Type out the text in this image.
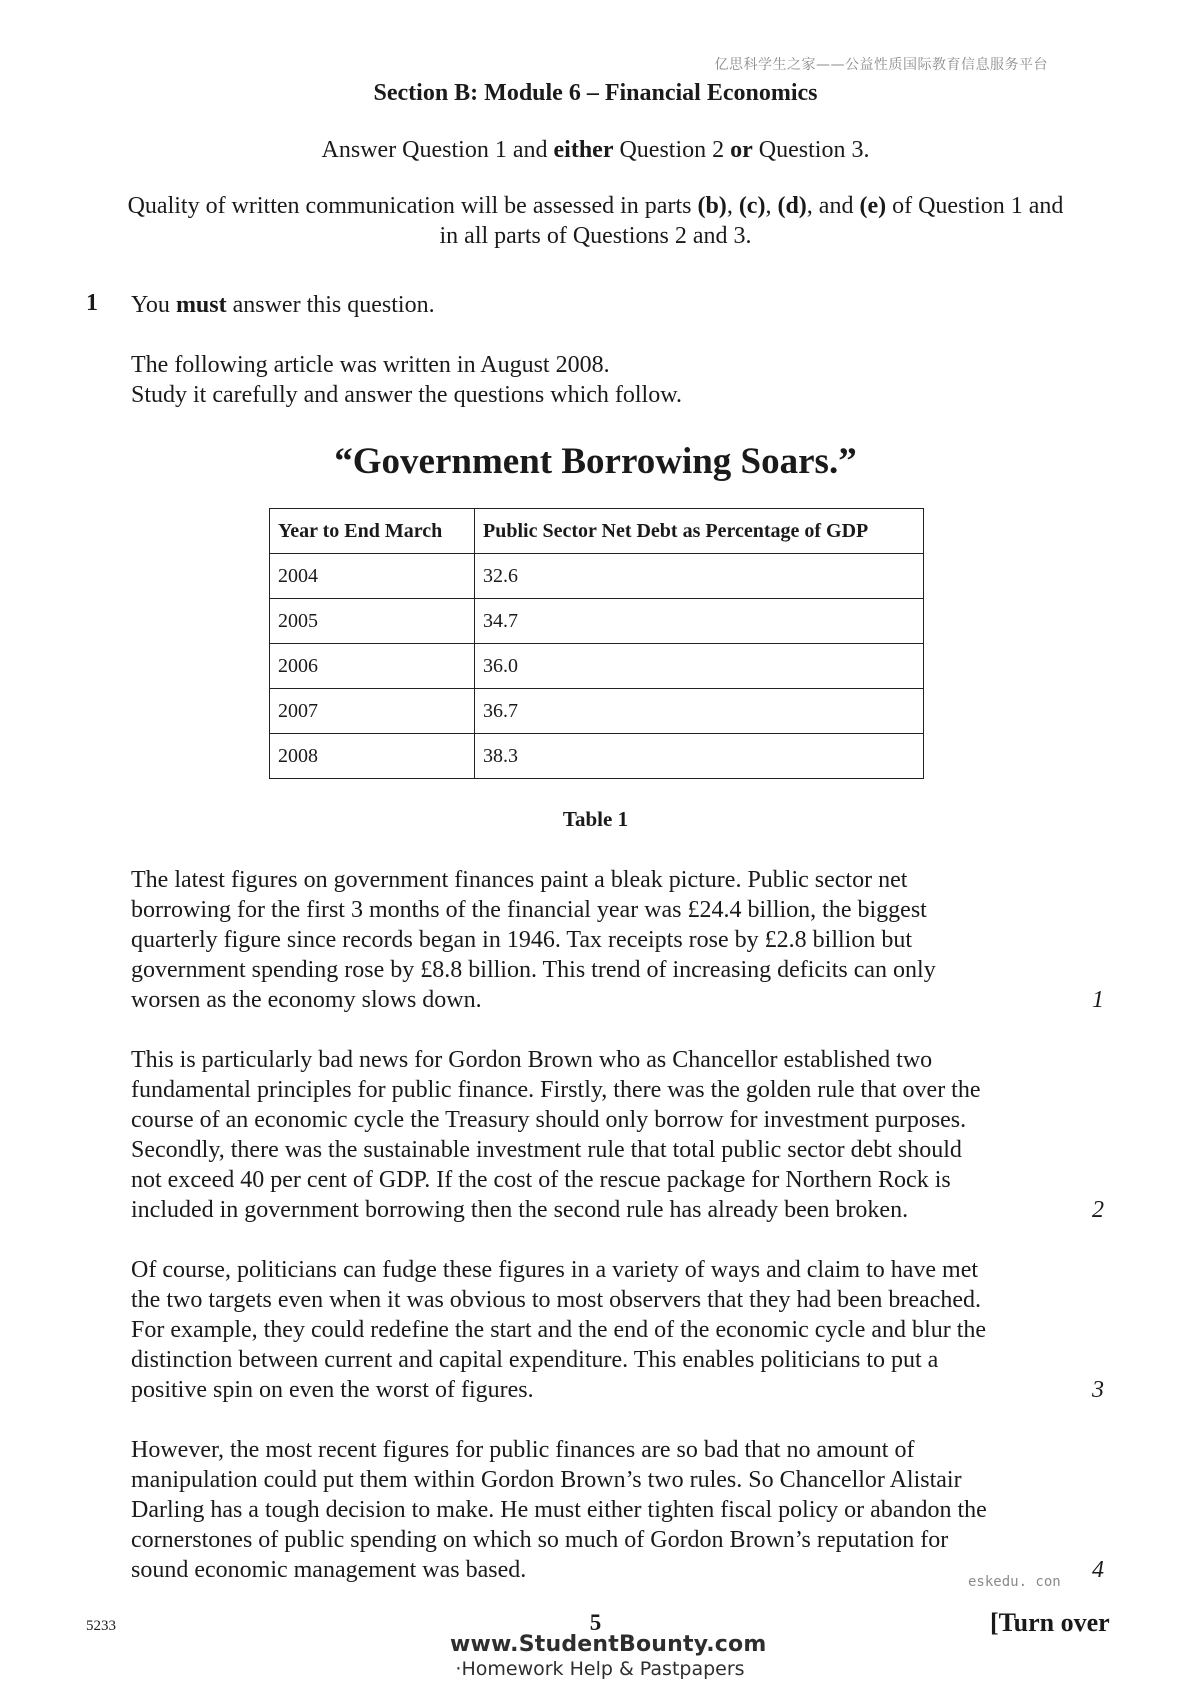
亿思科学生之家——公益性质国际教育信息服务平台
Section B: Module 6 – Financial Economics
Answer Question 1 and either Question 2 or Question 3.
Quality of written communication will be assessed in parts (b), (c), (d), and (e) of Question 1 and
in all parts of Questions 2 and 3.
1 You must answer this question.
The following article was written in August 2008.
Study it carefully and answer the questions which follow.
“Government Borrowing Soars.”
Year to End March	Public Sector Net Debt as Percentage of GDP
2004	32.6
2005	34.7
2006	36.0
2007	36.7
2008	38.3
Table 1
The latest figures on government finances paint a bleak picture. Public sector net
borrowing for the first 3 months of the financial year was £24.4 billion, the biggest
quarterly figure since records began in 1946. Tax receipts rose by £2.8 billion but
government spending rose by £8.8 billion. This trend of increasing deficits can only
worsen as the economy slows down.	1
This is particularly bad news for Gordon Brown who as Chancellor established two
fundamental principles for public finance. Firstly, there was the golden rule that over the
course of an economic cycle the Treasury should only borrow for investment purposes.
Secondly, there was the sustainable investment rule that total public sector debt should
not exceed 40 per cent of GDP. If the cost of the rescue package for Northern Rock is
included in government borrowing then the second rule has already been broken.	2
Of course, politicians can fudge these figures in a variety of ways and claim to have met
the two targets even when it was obvious to most observers that they had been breached.
For example, they could redefine the start and the end of the economic cycle and blur the
distinction between current and capital expenditure. This enables politicians to put a
positive spin on even the worst of figures.	3
However, the most recent figures for public finances are so bad that no amount of
manipulation could put them within Gordon Brown’s two rules. So Chancellor Alistair
Darling has a tough decision to make. He must either tighten fiscal policy or abandon the
cornerstones of public spending on which so much of Gordon Brown’s reputation for
sound economic management was based.	4
eskedu. con
5233	5	[Turn over
www.StudentBounty.com
·Homework Help & Pastpapers
